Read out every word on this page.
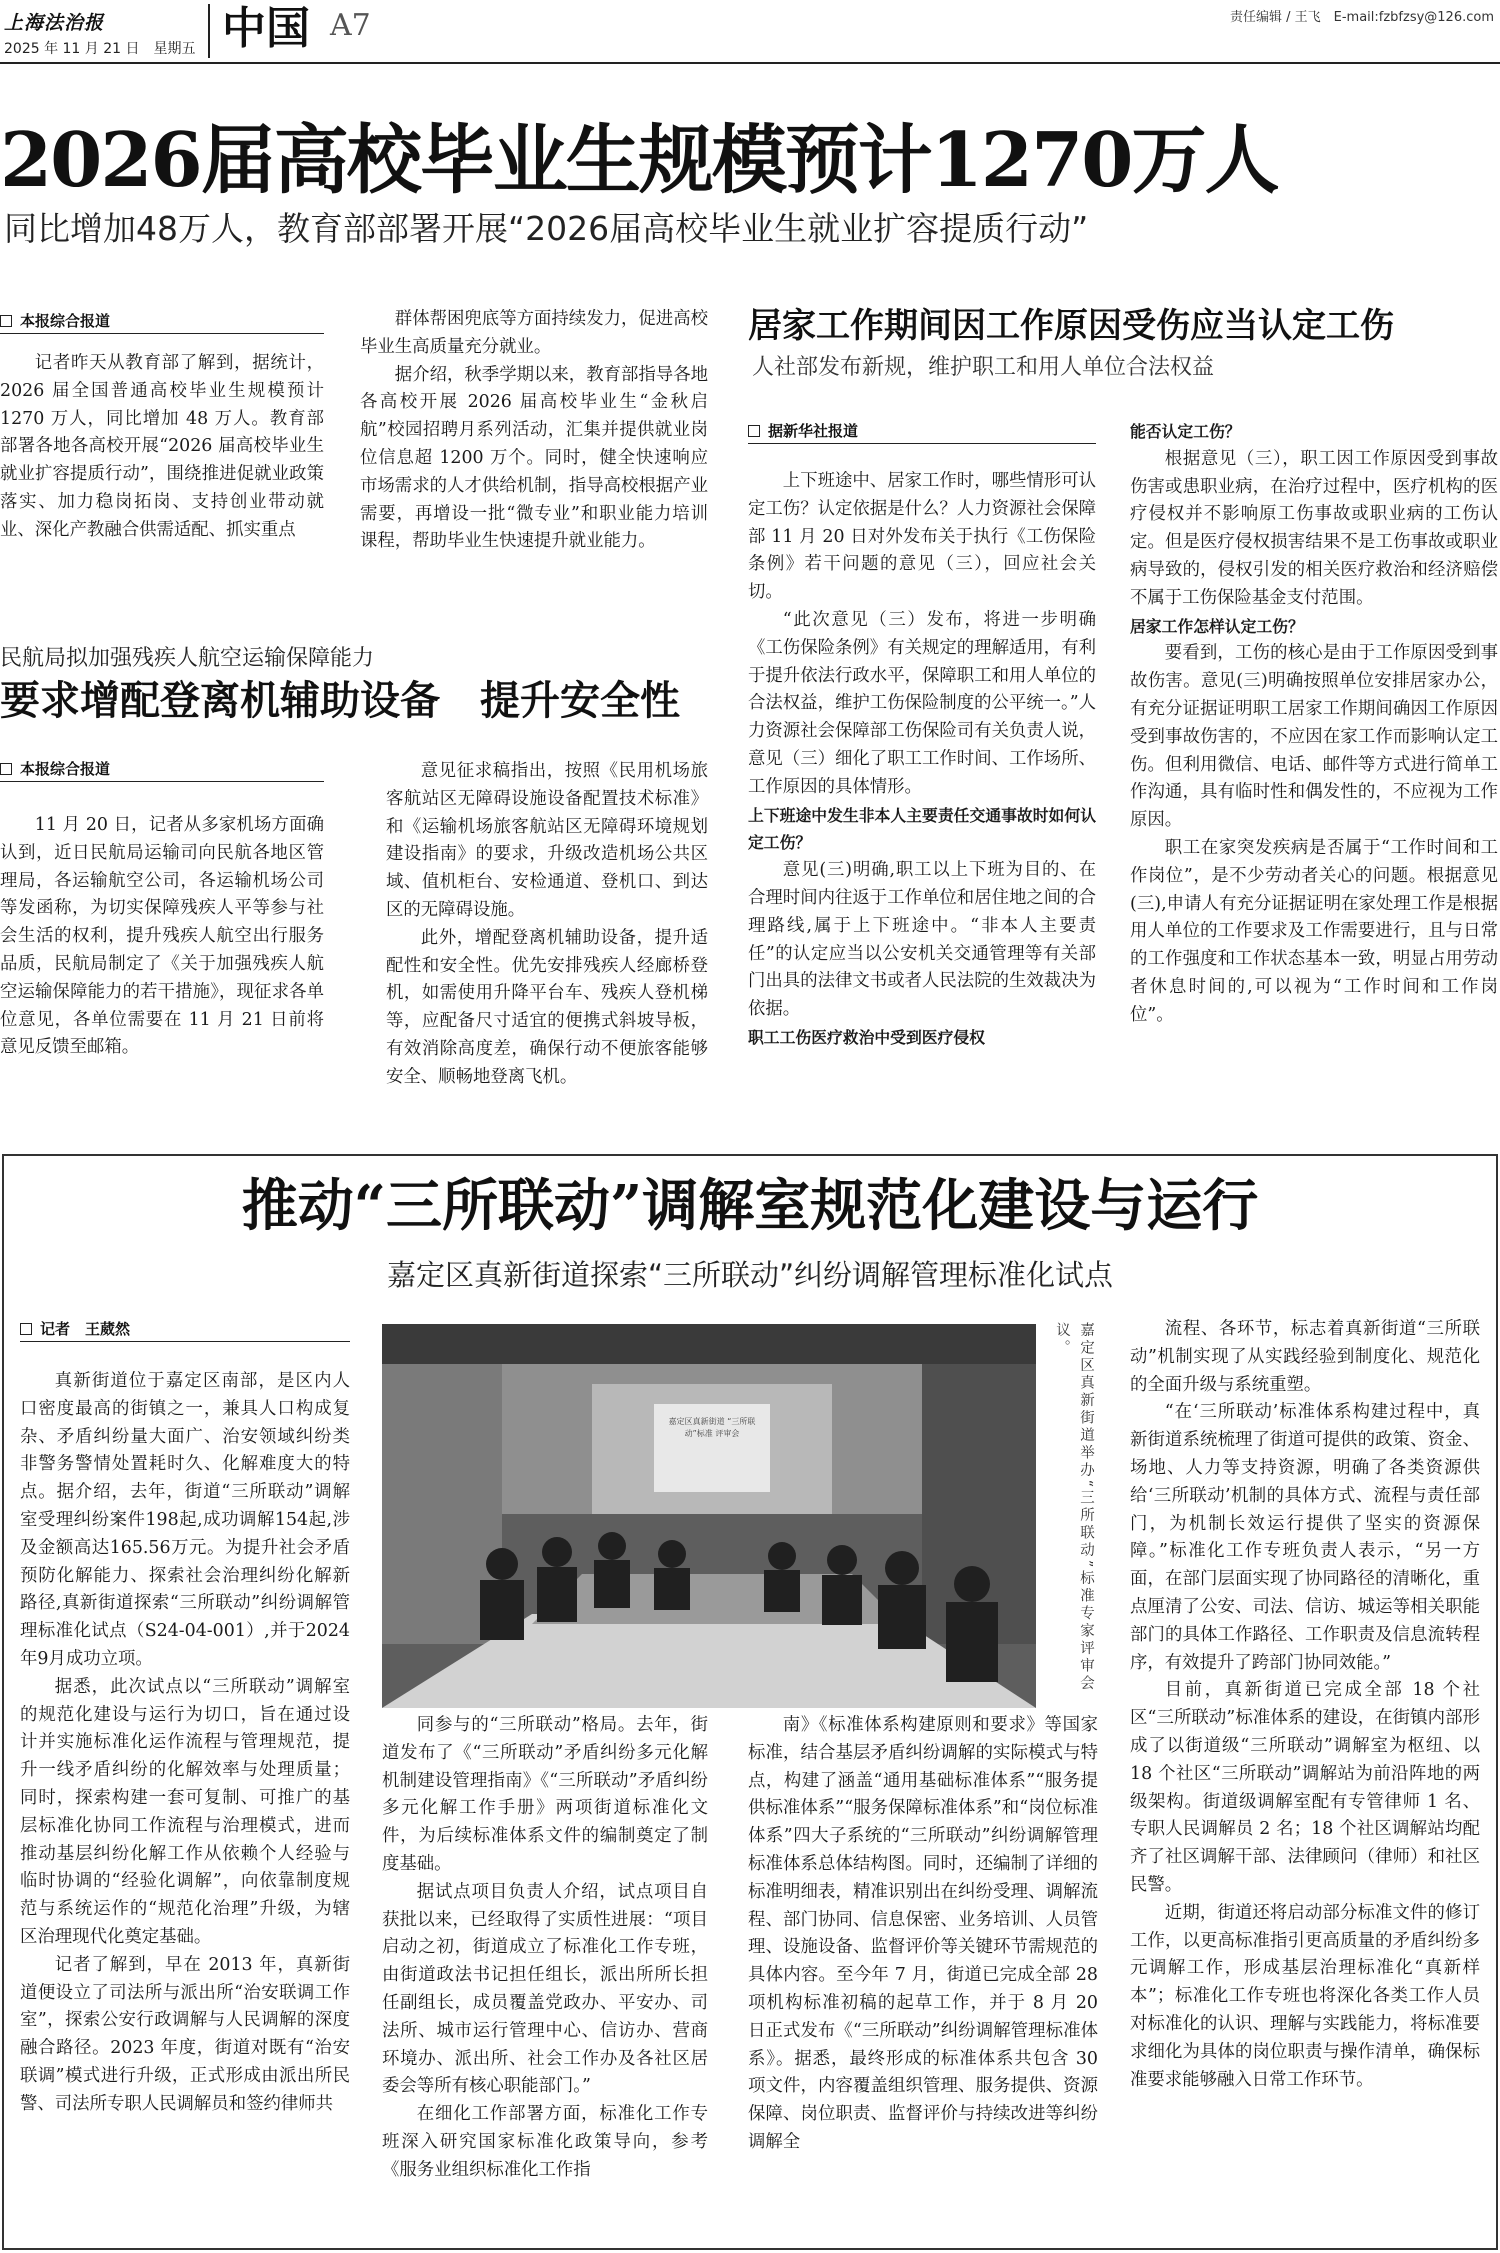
上海法治报
2025 年 11 月 21 日　星期五 中国 A7	责任编辑 / 王飞　E-mail:fzbfzsy@126.com
2026届高校毕业生规模预计1270万人
同比增加48万人，教育部部署开展“2026届高校毕业生就业扩容提质行动”
本报综合报道

记者昨天从教育部了解到，据统计，2026 届全国普通高校毕业生规模预计 1270 万人，同比增加 48 万人。教育部部署各地各高校开展“2026 届高校毕业生就业扩容提质行动”，围绕推进促就业政策落实、加力稳岗拓岗、支持创业带动就业、深化产教融合供需适配、抓实重点

群体帮困兜底等方面持续发力，促进高校毕业生高质量充分就业。

据介绍，秋季学期以来，教育部指导各地各高校开展 2026 届高校毕业生“金秋启航”校园招聘月系列活动，汇集并提供就业岗位信息超 1200 万个。同时，健全快速响应市场需求的人才供给机制，指导高校根据产业需要，再增设一批“微专业”和职业能力培训课程，帮助毕业生快速提升就业能力。

民航局拟加强残疾人航空运输保障能力
要求增配登离机辅助设备　提升安全性
本报综合报道

11 月 20 日，记者从多家机场方面确认到，近日民航局运输司向民航各地区管理局，各运输航空公司，各运输机场公司等发函称，为切实保障残疾人平等参与社会生活的权利，提升残疾人航空出行服务品质，民航局制定了《关于加强残疾人航空运输保障能力的若干措施》，现征求各单位意见，各单位需要在 11 月 21 日前将意见反馈至邮箱。

意见征求稿指出，按照《民用机场旅客航站区无障碍设施设备配置技术标准》和《运输机场旅客航站区无障碍环境规划建设指南》的要求，升级改造机场公共区域、值机柜台、安检通道、登机口、到达区的无障碍设施。

此外，增配登离机辅助设备，提升适配性和安全性。优先安排残疾人经廊桥登机，如需使用升降平台车、残疾人登机梯等，应配备尺寸适宜的便携式斜坡导板，有效消除高度差，确保行动不便旅客能够安全、顺畅地登离飞机。

居家工作期间因工作原因受伤应当认定工伤
人社部发布新规，维护职工和用人单位合法权益
据新华社报道

上下班途中、居家工作时，哪些情形可认定工伤？认定依据是什么？人力资源社会保障部 11 月 20 日对外发布关于执行《工伤保险条例》若干问题的意见（三），回应社会关切。

“此次意见（三）发布，将进一步明确《工伤保险条例》有关规定的理解适用，有利于提升依法行政水平，保障职工和用人单位的合法权益，维护工伤保险制度的公平统一。”人力资源社会保障部工伤保险司有关负责人说，意见（三）细化了职工工作时间、工作场所、工作原因的具体情形。

上下班途中发生非本人主要责任交通事故时如何认定工伤？

意见(三)明确,职工以上下班为目的、在合理时间内往返于工作单位和居住地之间的合理路线,属于上下班途中。“非本人主要责任”的认定应当以公安机关交通管理等有关部门出具的法律文书或者人民法院的生效裁决为依据。

职工工伤医疗救治中受到医疗侵权

能否认定工伤？

根据意见（三），职工因工作原因受到事故伤害或患职业病，在治疗过程中，医疗机构的医疗侵权并不影响原工伤事故或职业病的工伤认定。但是医疗侵权损害结果不是工伤事故或职业病导致的，侵权引发的相关医疗救治和经济赔偿不属于工伤保险基金支付范围。

居家工作怎样认定工伤？

要看到，工伤的核心是由于工作原因受到事故伤害。意见(三)明确按照单位安排居家办公，有充分证据证明职工居家工作期间确因工作原因受到事故伤害的，不应因在家工作而影响认定工伤。但利用微信、电话、邮件等方式进行简单工作沟通，具有临时性和偶发性的，不应视为工作原因。

职工在家突发疾病是否属于“工作时间和工作岗位”，是不少劳动者关心的问题。根据意见(三),申请人有充分证据证明在家处理工作是根据用人单位的工作要求及工作需要进行，且与日常的工作强度和工作状态基本一致，明显占用劳动者休息时间的,可以视为“工作时间和工作岗位”。

推动“三所联动”调解室规范化建设与运行
嘉定区真新街道探索“三所联动”纠纷调解管理标准化试点
记者　王葳然
嘉定区真新街道 “三所联动”标准 评审会	嘉定区真新街道举办“三所联动”标准专家评审会议。

真新街道位于嘉定区南部，是区内人口密度最高的街镇之一，兼具人口构成复杂、矛盾纠纷量大面广、治安领域纠纷类非警务警情处置耗时久、化解难度大的特点。据介绍，去年，街道“三所联动”调解室受理纠纷案件198起,成功调解154起,涉及金额高达165.56万元。为提升社会矛盾预防化解能力、探索社会治理纠纷化解新路径,真新街道探索“三所联动”纠纷调解管理标准化试点（S24-04-001）,并于2024年9月成功立项。

据悉，此次试点以“三所联动”调解室的规范化建设与运行为切口，旨在通过设计并实施标准化运作流程与管理规范，提升一线矛盾纠纷的化解效率与处理质量；同时，探索构建一套可复制、可推广的基层标准化协同工作流程与治理模式，进而推动基层纠纷化解工作从依赖个人经验与临时协调的“经验化调解”，向依靠制度规范与系统运作的“规范化治理”升级，为辖区治理现代化奠定基础。

记者了解到，早在 2013 年，真新街道便设立了司法所与派出所“治安联调工作室”，探索公安行政调解与人民调解的深度融合路径。2023 年度，街道对既有“治安联调”模式进行升级，正式形成由派出所民警、司法所专职人民调解员和签约律师共

同参与的“三所联动”格局。去年，街道发布了《“三所联动”矛盾纠纷多元化解机制建设管理指南》《“三所联动”矛盾纠纷多元化解工作手册》两项街道标准化文件，为后续标准体系文件的编制奠定了制度基础。

据试点项目负责人介绍，试点项目自获批以来，已经取得了实质性进展：“项目启动之初，街道成立了标准化工作专班，由街道政法书记担任组长，派出所所长担任副组长，成员覆盖党政办、平安办、司法所、城市运行管理中心、信访办、营商环境办、派出所、社会工作办及各社区居委会等所有核心职能部门。”

在细化工作部署方面，标准化工作专班深入研究国家标准化政策导向，参考《服务业组织标准化工作指

南》《标准体系构建原则和要求》等国家标准，结合基层矛盾纠纷调解的实际模式与特点，构建了涵盖“通用基础标准体系”“服务提供标准体系”“服务保障标准体系”和“岗位标准体系”四大子系统的“三所联动”纠纷调解管理标准体系总体结构图。同时，还编制了详细的标准明细表，精准识别出在纠纷受理、调解流程、部门协同、信息保密、业务培训、人员管理、设施设备、监督评价等关键环节需规范的具体内容。至今年 7 月，街道已完成全部 28 项机构标准初稿的起草工作，并于 8 月 20 日正式发布《“三所联动”纠纷调解管理标准体系》。据悉，最终形成的标准体系共包含 30 项文件，内容覆盖组织管理、服务提供、资源保障、岗位职责、监督评价与持续改进等纠纷调解全

流程、各环节，标志着真新街道“三所联动”机制实现了从实践经验到制度化、规范化的全面升级与系统重塑。

“在‘三所联动’标准体系构建过程中，真新街道系统梳理了街道可提供的政策、资金、场地、人力等支持资源，明确了各类资源供给‘三所联动’机制的具体方式、流程与责任部门，为机制长效运行提供了坚实的资源保障。”标准化工作专班负责人表示，“另一方面，在部门层面实现了协同路径的清晰化，重点厘清了公安、司法、信访、城运等相关职能部门的具体工作路径、工作职责及信息流转程序，有效提升了跨部门协同效能。”

目前，真新街道已完成全部 18 个社区“三所联动”标准体系的建设，在街镇内部形成了以街道级“三所联动”调解室为枢纽、以 18 个社区“三所联动”调解站为前沿阵地的两级架构。街道级调解室配有专管律师 1 名、专职人民调解员 2 名；18 个社区调解站均配齐了社区调解干部、法律顾问（律师）和社区民警。

近期，街道还将启动部分标准文件的修订工作，以更高标准指引更高质量的矛盾纠纷多元调解工作，形成基层治理标准化“真新样本”；标准化工作专班也将深化各类工作人员对标准化的认识、理解与实践能力，将标准要求细化为具体的岗位职责与操作清单，确保标准要求能够融入日常工作环节。
